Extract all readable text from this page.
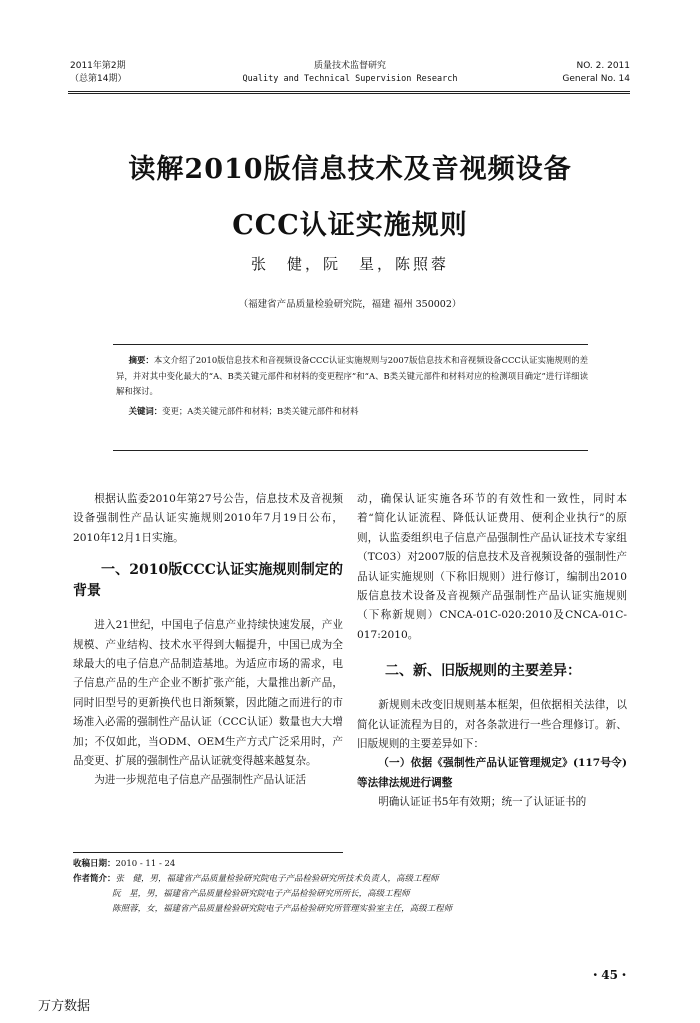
2011年第2期
（总第14期）
质量技术监督研究
Quality and Technical Supervision Research
NO. 2. 2011
General No. 14
读解2010版信息技术及音视频设备
CCC认证实施规则
张　健，阮　星，陈照蓉
（福建省产品质量检验研究院，福建 福州 350002）
摘要：本文介绍了2010版信息技术和音视频设备CCC认证实施规则与2007版信息技术和音视频设备CCC认证实施规则的差异，并对其中变化最大的“A、B类关键元部件和材料的变更程序”和“A、B类关键元部件和材料对应的检测项目确定”进行详细读解和探讨。
关键词：变更；A类关键元部件和材料；B类关键元部件和材料

根据认监委2010年第27号公告，信息技术及音视频设备强制性产品认证实施规则2010年7月19日公布，2010年12月1日实施。

一、2010版CCC认证实施规则制定的背景

进入21世纪，中国电子信息产业持续快速发展，产业规模、产业结构、技术水平得到大幅提升，中国已成为全球最大的电子信息产品制造基地。为适应市场的需求，电子信息产品的生产企业不断扩张产能，大量推出新产品，同时旧型号的更新换代也日渐频繁，因此随之而进行的市场准入必需的强制性产品认证（CCC认证）数量也大大增加；不仅如此，当ODM、OEM生产方式广泛采用时，产品变更、扩展的强制性产品认证就变得越来越复杂。

为进一步规范电子信息产品强制性产品认证活

动，确保认证实施各环节的有效性和一致性，同时本着“简化认证流程、降低认证费用、便利企业执行”的原则，认监委组织电子信息产品强制性产品认证技术专家组（TC03）对2007版的信息技术及音视频设备的强制性产品认证实施规则（下称旧规则）进行修订，编制出2010版信息技术设备及音视频产品强制性产品认证实施规则（下称新规则）CNCA-01C-020:2010及CNCA-01C-017:2010。

二、新、旧版规则的主要差异：

新规则未改变旧规则基本框架，但依据相关法律，以简化认证流程为目的，对各条款进行一些合理修订。新、旧版规则的主要差异如下：

（一）依据《强制性产品认证管理规定》(117号令)等法律法规进行调整

明确认证证书5年有效期；统一了认证证书的

收稿日期：2010 - 11 - 24
作者简介：张　健，男，福建省产品质量检验研究院电子产品检验研究所技术负责人，高级工程师
阮　星，男，福建省产品质量检验研究院电子产品检验研究所所长，高级工程师
陈照蓉，女，福建省产品质量检验研究院电子产品检验研究所管理实验室主任，高级工程师
・45・
万方数据
